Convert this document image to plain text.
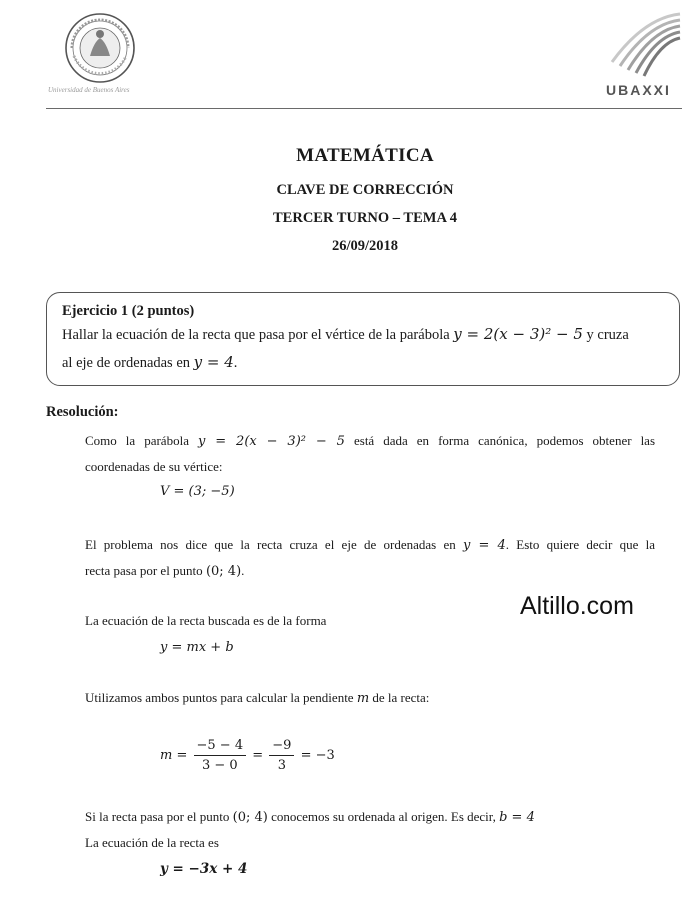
Universidad de Buenos Aires	UBAXXI
MATEMÁTICA
CLAVE DE CORRECCIÓN
TERCER TURNO – TEMA 4
26/09/2018
Ejercicio 1 (2 puntos)
Hallar la ecuación de la recta que pasa por el vértice de la parábola y = 2(x − 3)² − 5 y cruza
al eje de ordenadas en y = 4.
Resolución:
Como la parábola y = 2(x − 3)² − 5 está dada en forma canónica, podemos obtener las
coordenadas de su vértice:
V = (3; −5)
El problema nos dice que la recta cruza el eje de ordenadas en y = 4. Esto quiere decir que la
recta pasa por el punto (0; 4).
La ecuación de la recta buscada es de la forma
y = mx + b
Utilizamos ambos puntos para calcular la pendiente m de la recta:
$m = \frac{-5 - 4}{3 - 0} = \frac{-9}{3} = -3$
Si la recta pasa por el punto (0; 4) conocemos su ordenada al origen. Es decir, b = 4
La ecuación de la recta es
y = −3x + 4
Altillo.com
